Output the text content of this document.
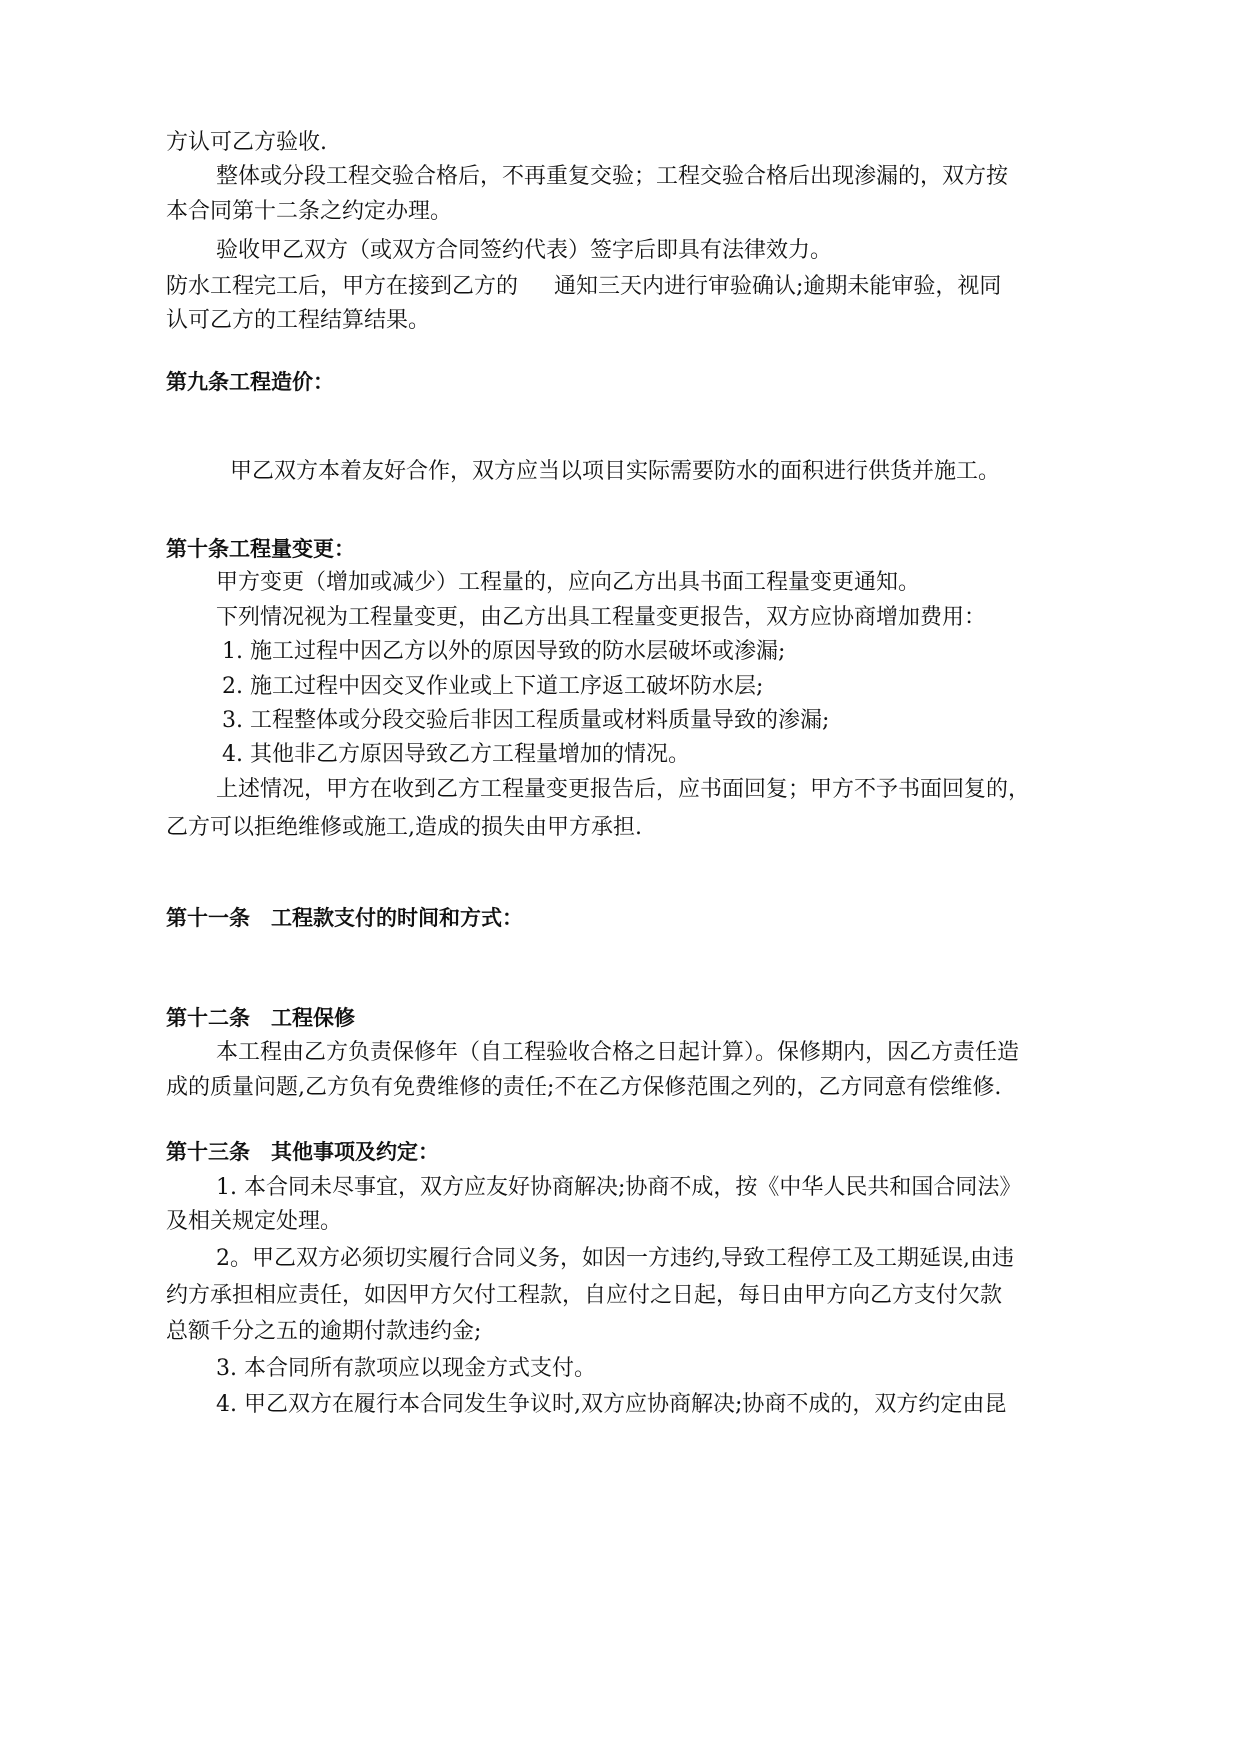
方认可乙方验收.
整体或分段工程交验合格后，不再重复交验；工程交验合格后出现渗漏的，双方按
本合同第十二条之约定办理。
验收甲乙双方（或双方合同签约代表）签字后即具有法律效力。
防水工程完工后，甲方在接到乙方的 通知三天内进行审验确认;逾期未能审验，视同
认可乙方的工程结算结果。
第九条工程造价：
甲乙双方本着友好合作，双方应当以项目实际需要防水的面积进行供货并施工。
第十条工程量变更：
甲方变更（增加或减少）工程量的，应向乙方出具书面工程量变更通知。
下列情况视为工程量变更，由乙方出具工程量变更报告，双方应协商增加费用：
1. 施工过程中因乙方以外的原因导致的防水层破坏或渗漏;
2. 施工过程中因交叉作业或上下道工序返工破坏防水层;
3. 工程整体或分段交验后非因工程质量或材料质量导致的渗漏;
4. 其他非乙方原因导致乙方工程量增加的情况。
上述情况，甲方在收到乙方工程量变更报告后，应书面回复；甲方不予书面回复的，
乙方可以拒绝维修或施工,造成的损失由甲方承担.
第十一条　工程款支付的时间和方式：
第十二条　工程保修
本工程由乙方负责保修年（自工程验收合格之日起计算）。保修期内，因乙方责任造
成的质量问题,乙方负有免费维修的责任;不在乙方保修范围之列的，乙方同意有偿维修.
第十三条　其他事项及约定：
1. 本合同未尽事宜，双方应友好协商解决;协商不成，按《中华人民共和国合同法》
及相关规定处理。
2。甲乙双方必须切实履行合同义务，如因一方违约,导致工程停工及工期延误,由违
约方承担相应责任，如因甲方欠付工程款，自应付之日起，每日由甲方向乙方支付欠款
总额千分之五的逾期付款违约金;
3. 本合同所有款项应以现金方式支付。
4. 甲乙双方在履行本合同发生争议时,双方应协商解决;协商不成的，双方约定由昆
